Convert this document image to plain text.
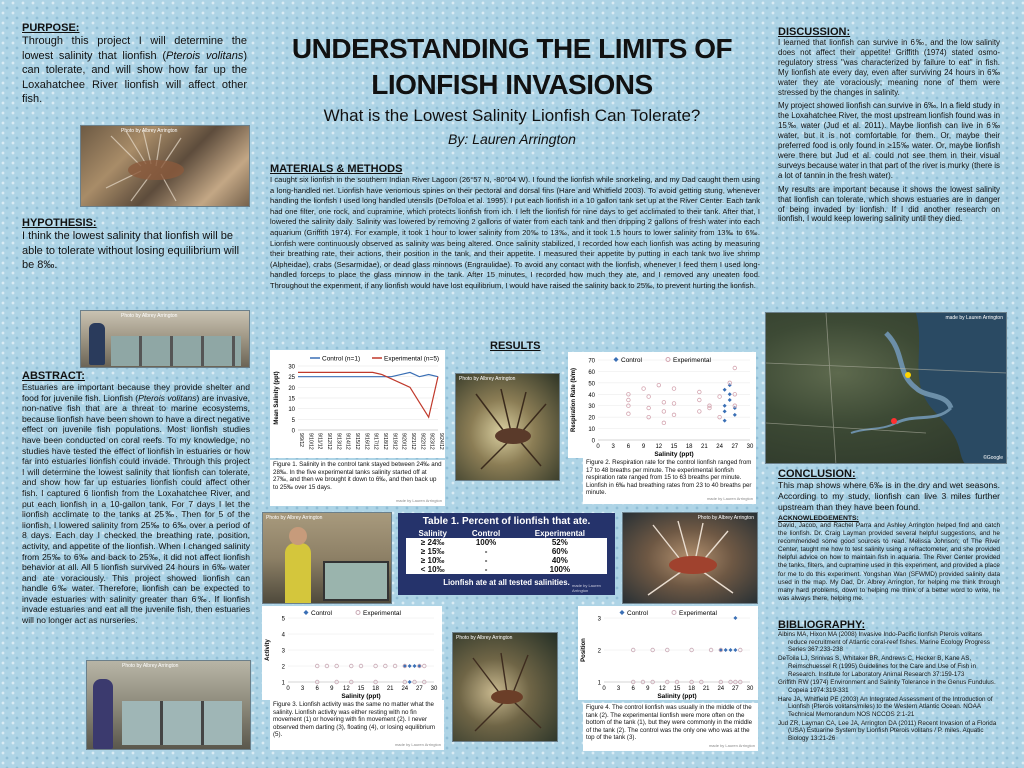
PURPOSE:
Through this project I will determine the lowest salinity that lionfish (Pterois volitans) can tolerate, and will show how far up the Loxahatchee River lionfish will affect other fish.
Photo by Albrey Arrington
HYPOTHESIS:
I think the lowest salinity that lionfish will be able to tolerate without losing equilibrium will be 8‰.
Photo by Albrey Arrington
ABSTRACT:
Estuaries are important because they provide shelter and food for juvenile fish. Lionfish (Pterois volitans) are invasive, non-native fish that are a threat to marine ecosystems, because lionfish have been shown to have a direct negative effect on juvenile fish populations. Most lionfish studies have been conducted on coral reefs. To my knowledge, no studies have tested the effect of lionfish in estuaries or how far into estuaries lionfish could invade. Through this project I will determine the lowest salinity that lionfish can tolerate, and show how far up estuaries lionfish could affect other fish. I captured 6 lionfish from the Loxahatchee River, and put each lionfish in a 10-gallon tank. For 7 days I let the lionfish acclimate to the tanks at 25‰. Then for 5 of the lionfish, I lowered salinity from 25‰ to 6‰ over a period of 8 days. Each day I checked the breathing rate, position, activity, and appetite of the lionfish. When I changed salinity from 25‰ to 6‰ and back to 25‰, it did not affect lionfish behavior at all. All 5 lionfish survived 24 hours in 6‰ water and ate voraciously. This project showed lionfish can handle 6‰ water. Therefore, lionfish can be expected to invade estuaries with salinity greater than 6‰. If lionfish invade estuaries and eat all the juvenile fish, then estuaries will no longer act as nurseries.
Photo by Albrey Arrington
UNDERSTANDING THE LIMITS OF
LIONFISH INVASIONS
What is the Lowest Salinity Lionfish Can Tolerate?
By: Lauren Arrington
MATERIALS & METHODS
I caught six lionfish in the southern Indian River Lagoon (26°57 N, -80°04 W). I found the lionfish while snorkeling, and my Dad caught them using a long-handled net. Lionfish have venomous spines on their pectoral and dorsal fins (Hare and Whitfield 2003). To avoid getting stung, whenever handling the lionfish I used long handled utensils (DeToloa et al. 1995). I put each lionfish in a 10 gallon tank set up at the River Center. Each tank had one filter, one rock, and cupramine, which protects lionfish from ich. I left the lionfish for nine days to get acclimated to their tank. After that, I lowered the salinity daily. Salinity was lowered by removing 2 gallons of water from each tank and then dripping 2 gallons of fresh water into each aquarium (Griffith 1974). For example, it took 1 hour to lower salinity from 20‰ to 13‰, and it took 1.5 hours to lower salinity from 13‰ to 6‰. Lionfish were continuously observed as salinity was being altered. Once salinity stabilized, I recorded how each lionfish was acting by measuring their breathing rate, their actions, their position in the tank, and their appetite. I measured their appetite by putting in each tank two live shrimp (Alpheidae), crabs (Sesarmidae), or dead glass minnows (Engraulidae). To avoid any contact with the lionfish, whenever I feed them I used long-handled forceps to place the glass minnow in the tank. After 15 minutes, I recorded how much they ate, and I removed any uneaten food. Throughout the experiment, if any lionfish would have lost equilibrium, I would have raised the salinity back to 25‰, to prevent hurting the lionfish.
RESULTS
0
5
10
15
20
25
30
9/9/12 9/10/12 9/11/12 9/12/12 9/13/12 9/14/12 9/15/12 9/16/12 9/17/12 9/18/12 9/19/12 9/20/12 9/21/12 9/22/12 9/23/12 9/24/12
Mean Salinity (ppt)
Control (n=1)	Experimental (n=5)
Figure 1. Salinity in the control tank stayed between 24‰ and 28‰. In the five experimental tanks salinity started off at 27‰, and then we brought it down to 6‰, and then back up to 25‰ over 15 days.
made by Lauren Arrington
Photo by Albrey Arrington
0
10
20
30
40
50
60
70
0 3 6 9 12 15 18 21 24 27 30
Salinity (ppt)
Respiration Rate (b/m)
Control	Experimental
Figure 2. Respiration rate for the control lionfish ranged from 17 to 48 breaths per minute. The experimental lionfish respiration rate ranged from 15 to 63 breaths per minute. Lionfish in 6‰ had breathing rates from 23 to 40 breaths per minute.
made by Lauren Arrington
Photo by Albrey Arrington	Table 1. Percent of lionfish that ate.
Salinity	Control	Experimental
≥ 24‰	100%	52%
≥ 15‰	-	60%
≥ 10‰	-	40%
< 10‰	-	100%
Lionfish ate at all tested salinities. made by Lauren Arrington
Photo by Albrey Arrington
1
2
3
4
5
0 3 6 9 12 15 18 21 24 27 30
Salinity (ppt)
Activity
Control	Experimental
Figure 3. Lionfish activity was the same no matter what the salinity. Lionfish activity was either resting with no fin movement (1) or hovering with fin movement (2). I never observed them darting (3), floating (4), or losing equilibrium (5).
made by Lauren Arrington
Photo by Albrey Arrington
1
2
3
0 3 6 9 12 15 18 21 24 27 30
Salinity (ppt)
Position
Control	Experimental
Figure 4. The control lionfish was usually in the middle of the tank (2). The experimental lionfish were more often on the bottom of the tank (1), but they were commonly in the middle of the tank (2). The control was the only one who was at the top of the tank (3).
made by Lauren Arrington
DISCUSSION:

I learned that lionfish can survive in 6‰, and the low salinity does not affect their appetite! Griffith (1974) stated osmo-regulatory stress "was characterized by failure to eat" in fish. My lionfish ate every day, even after surviving 24 hours in 6‰ water they ate voraciously; meaning none of them were stressed by the changes in salinity.

My project showed lionfish can survive in 6‰. In a field study in the Loxahatchee River, the most upstream lionfish found was in 15‰ water (Jud et al. 2011). Maybe lionfish can live in 6‰ water, but it is not comfortable for them. Or, maybe their preferred food is only found in ≥15‰ water. Or, maybe lionfish were there but Jud et al. could not see them in their visual surveys because water in that part of the river is murky (there is a lot of tannin in the fresh water).

My results are important because it shows the lowest salinity that lionfish can tolerate, which shows estuaries are in danger of being invaded by lionfish. If I did another research on lionfish, I would keep lowering salinity until they died.

made by Lauren Arrington
©Google
CONCLUSION:

This map shows where 6‰ is in the dry and wet seasons. According to my study, lionfish can live 3 miles further upstream than they have been found.

ACKNOWLEDGEMENTS:

David, Jacob, and Rachel Parra and Ashley Arrington helped find and catch the lionfish. Dr. Craig Layman provided several helpful suggestions, and he recommended some good sources to read. Melissa Johnson; of The River Center, taught me how to test salinity using a refractometer, and she provided helpful advice on how to maintain fish in aquaria. The River Center provided the tanks, filters, and cupramine used in this experiment, and provided a place for me to do this experiment. Yongshan Wan (SFWMD) provided salinity data used in the map. My Dad, Dr. Albrey Arrington, for helping me think through many hard problems, down to helping me think of a better word to write, he was always there, helping me.

BIBLIOGRAPHY:

Albins MA, Hixon MA (2008) Invasive Indo-Pacific lionfish Pterois volitans reduce recruitment of Atlantic coral-reef fishes. Marine Ecology Progress Series 367:233-238

DeToila LJ, Srinivas S, Whitaker BR, Andrews C, Hecker B, Kane AS, Reimschuessel R (1995) Guidelines for the Care and Use of Fish in Research. Institute for Laboratory Animal Research 37:159-173

Griffith RW (1974) Environment and Salinity Tolerance in the Genus Fundulus. Copeia 1974:319-331

Hare JA, Whitfield PE (2003) An Integrated Assessment of the Introduction of Lionfish (Pterois volitans/miles) to the Western Atlantic Ocean. NOAA Technical Memorandum NOS NCCOS 2:1-21

Jud ZR, Layman CA, Lee JA, Arrington DA (2011) Recent Invasion of a Florida (USA) Estuarine System by Lionfish Pterois volitans / P. miles. Aquatic Biology 13:21-26
